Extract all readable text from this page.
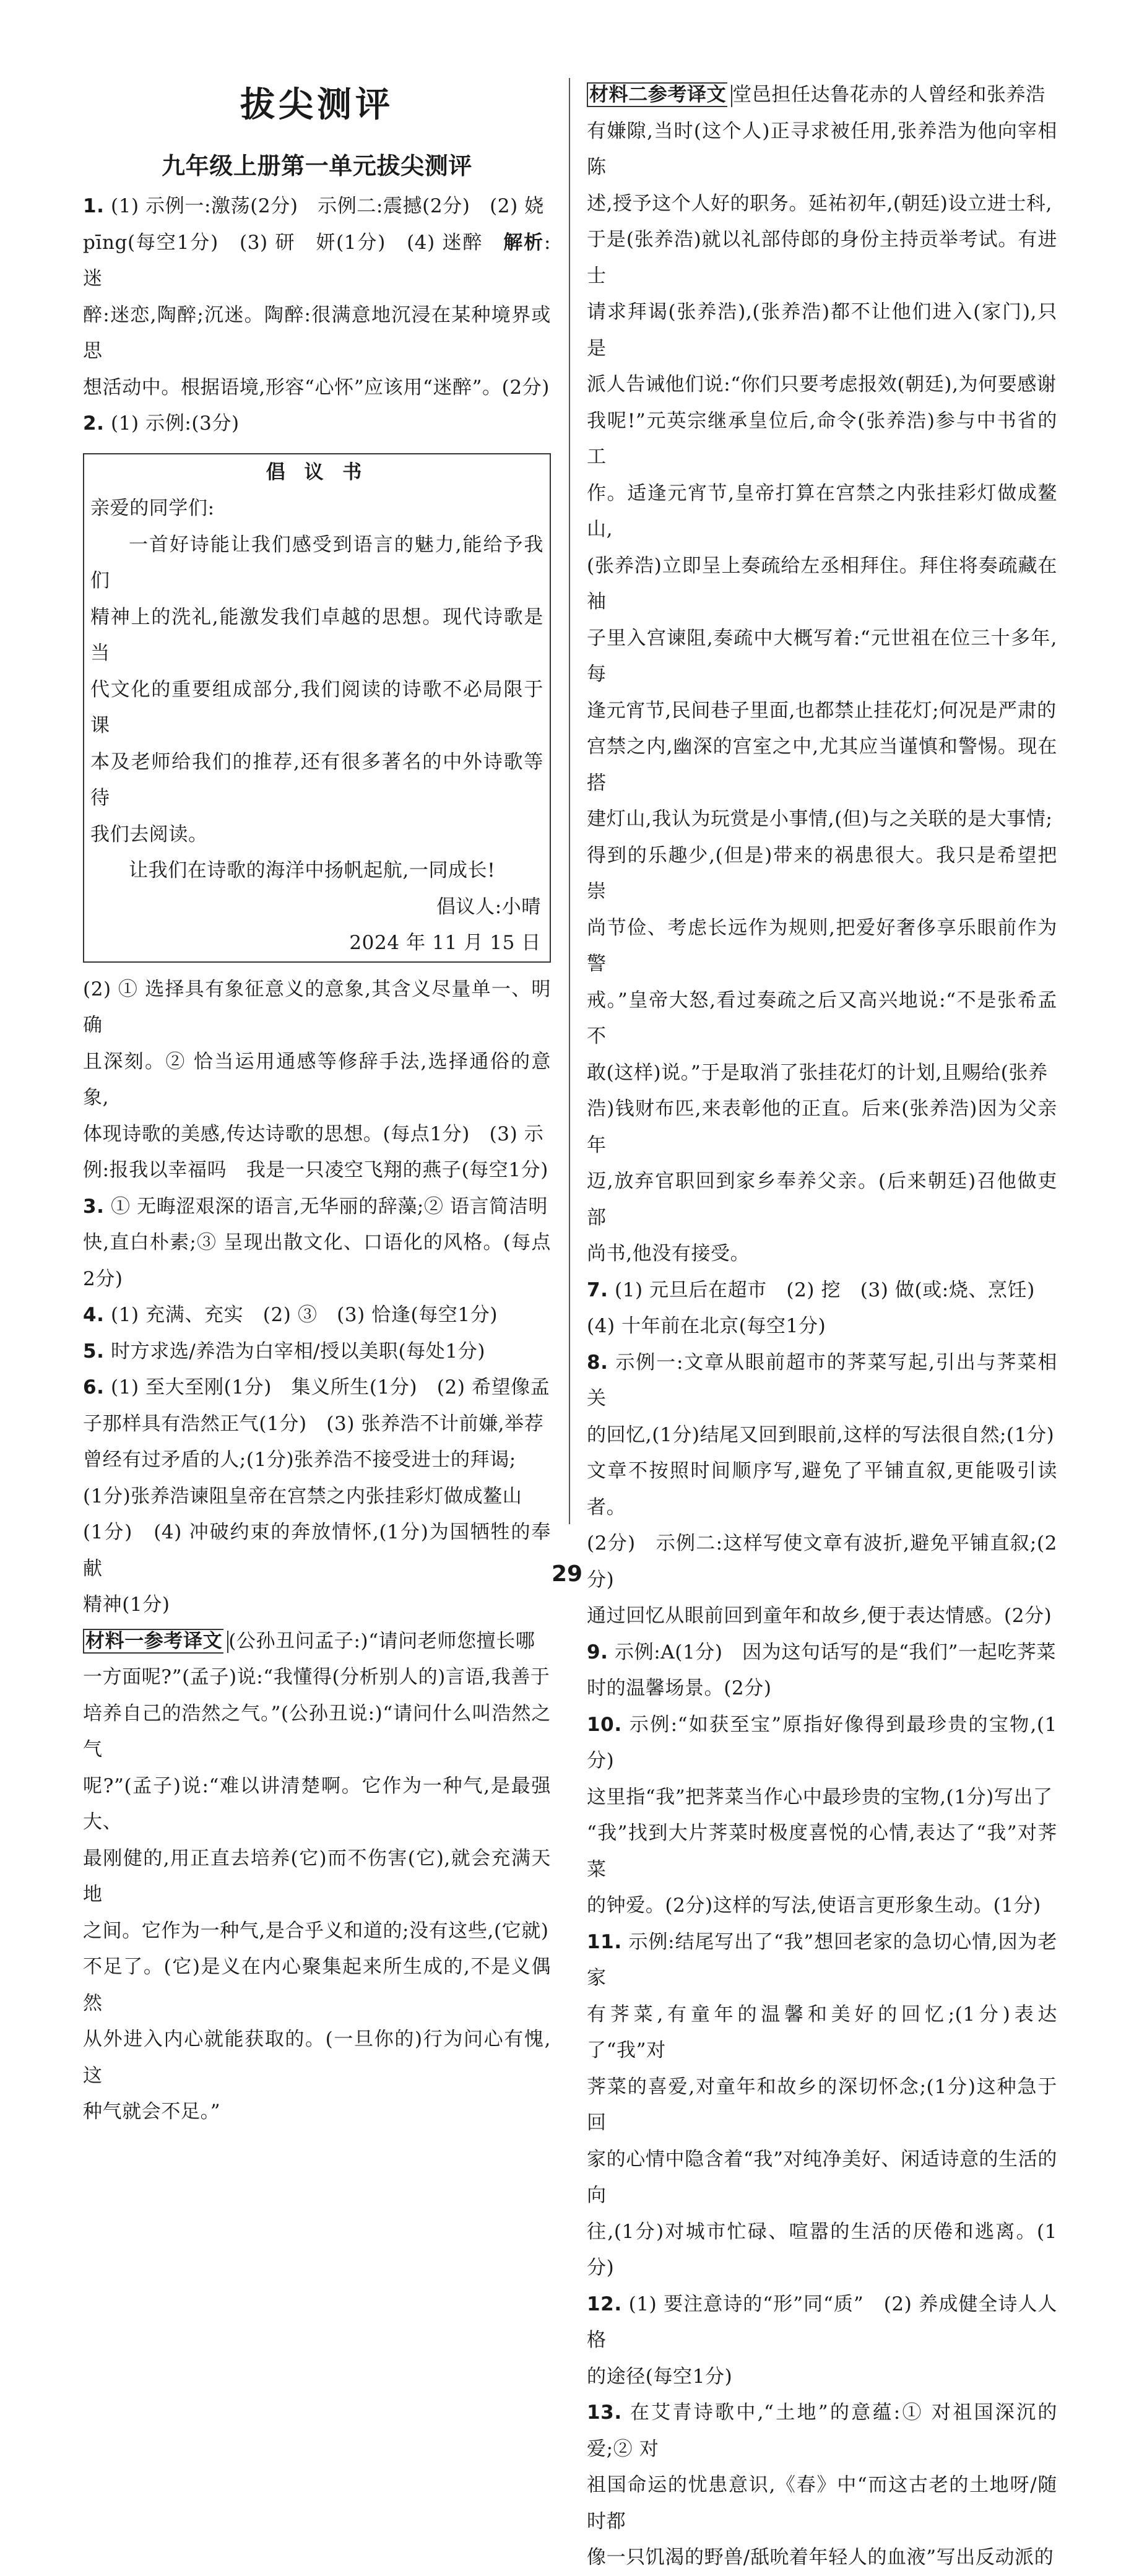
拔尖测评
九年级上册第一单元拔尖测评

1. (1) 示例一:激荡(2分)　示例二:震撼(2分)　(2) 娆

pīng(每空1分)　(3) 研　妍(1分)　(4) 迷醉　 解析:迷

醉:迷恋,陶醉;沉迷。陶醉:很满意地沉浸在某种境界或思

想活动中。根据语境,形容“心怀”应该用“迷醉”。(2分)

2. (1) 示例:(3分)

倡 议 书

亲爱的同学们:

一首好诗能让我们感受到语言的魅力,能给予我们

精神上的洗礼,能激发我们卓越的思想。现代诗歌是当

代文化的重要组成部分,我们阅读的诗歌不必局限于课

本及老师给我们的推荐,还有很多著名的中外诗歌等待

我们去阅读。

让我们在诗歌的海洋中扬帆起航,一同成长!

倡议人:小晴

2024 年 11 月 15 日

(2) ① 选择具有象征意义的意象,其含义尽量单一、明确

且深刻。② 恰当运用通感等修辞手法,选择通俗的意象,

体现诗歌的美感,传达诗歌的思想。(每点1分)　(3) 示

例:报我以幸福吗　我是一只凌空飞翔的燕子(每空1分)

3. ① 无晦涩艰深的语言,无华丽的辞藻;② 语言简洁明

快,直白朴素;③ 呈现出散文化、口语化的风格。(每点2分)

4. (1) 充满、充实　(2) ③　(3) 恰逢(每空1分)

5. 时方求选/养浩为白宰相/授以美职(每处1分)

6. (1) 至大至刚(1分)　集义所生(1分)　(2) 希望像孟

子那样具有浩然正气(1分)　(3) 张养浩不计前嫌,举荐

曾经有过矛盾的人;(1分)张养浩不接受进士的拜谒;

(1分)张养浩谏阻皇帝在宫禁之内张挂彩灯做成鳌山

(1分)　(4) 冲破约束的奔放情怀,(1分)为国牺牲的奉献

精神(1分)

材料一参考译文 (公孙丑问孟子:)“请问老师您擅长哪

一方面呢?”(孟子)说:“我懂得(分析别人的)言语,我善于

培养自己的浩然之气。”(公孙丑说:)“请问什么叫浩然之气

呢?”(孟子)说:“难以讲清楚啊。它作为一种气,是最强大、

最刚健的,用正直去培养(它)而不伤害(它),就会充满天地

之间。它作为一种气,是合乎义和道的;没有这些,(它就)

不足了。(它)是义在内心聚集起来所生成的,不是义偶然

从外进入内心就能获取的。(一旦你的)行为问心有愧,这

种气就会不足。”

材料二参考译文 堂邑担任达鲁花赤的人曾经和张养浩

有嫌隙,当时(这个人)正寻求被任用,张养浩为他向宰相陈

述,授予这个人好的职务。延祐初年,(朝廷)设立进士科,

于是(张养浩)就以礼部侍郎的身份主持贡举考试。有进士

请求拜谒(张养浩),(张养浩)都不让他们进入(家门),只是

派人告诫他们说:“你们只要考虑报效(朝廷),为何要感谢

我呢!”元英宗继承皇位后,命令(张养浩)参与中书省的工

作。适逢元宵节,皇帝打算在宫禁之内张挂彩灯做成鳌山,

(张养浩)立即呈上奏疏给左丞相拜住。拜住将奏疏藏在袖

子里入宫谏阻,奏疏中大概写着:“元世祖在位三十多年,每

逢元宵节,民间巷子里面,也都禁止挂花灯;何况是严肃的

宫禁之内,幽深的宫室之中,尤其应当谨慎和警惕。现在搭

建灯山,我认为玩赏是小事情,(但)与之关联的是大事情;

得到的乐趣少,(但是)带来的祸患很大。我只是希望把崇

尚节俭、考虑长远作为规则,把爱好奢侈享乐眼前作为警

戒。”皇帝大怒,看过奏疏之后又高兴地说:“不是张希孟不

敢(这样)说。”于是取消了张挂花灯的计划,且赐给(张养

浩)钱财布匹,来表彰他的正直。后来(张养浩)因为父亲年

迈,放弃官职回到家乡奉养父亲。(后来朝廷)召他做吏部

尚书,他没有接受。

7. (1) 元旦后在超市　(2) 挖　(3) 做(或:烧、烹饪)

(4) 十年前在北京(每空1分)

8. 示例一:文章从眼前超市的荠菜写起,引出与荠菜相关

的回忆,(1分)结尾又回到眼前,这样的写法很自然;(1分)

文章不按照时间顺序写,避免了平铺直叙,更能吸引读者。

(2分)　示例二:这样写使文章有波折,避免平铺直叙;(2分)

通过回忆从眼前回到童年和故乡,便于表达情感。(2分)

9. 示例:A(1分)　因为这句话写的是“我们”一起吃荠菜

时的温馨场景。(2分)

10. 示例:“如获至宝”原指好像得到最珍贵的宝物,(1分)

这里指“我”把荠菜当作心中最珍贵的宝物,(1分)写出了

“我”找到大片荠菜时极度喜悦的心情,表达了“我”对荠菜

的钟爱。(2分)这样的写法,使语言更形象生动。(1分)

11. 示例:结尾写出了“我”想回老家的急切心情,因为老家

有荠菜,有童年的温馨和美好的回忆;(1分)表达了“我”对

荠菜的喜爱,对童年和故乡的深切怀念;(1分)这种急于回

家的心情中隐含着“我”对纯净美好、闲适诗意的生活的向

往,(1分)对城市忙碌、喧嚣的生活的厌倦和逃离。(1分)

12. (1) 要注意诗的“形”同“质”　(2) 养成健全诗人人格

的途径(每空1分)

13. 在艾青诗歌中,“土地”的意蕴:① 对祖国深沉的爱;② 对

祖国命运的忧患意识,《春》中“而这古老的土地呀/随时都

像一只饥渴的野兽/舐吮着年轻人的血液”写出反动派的

29
